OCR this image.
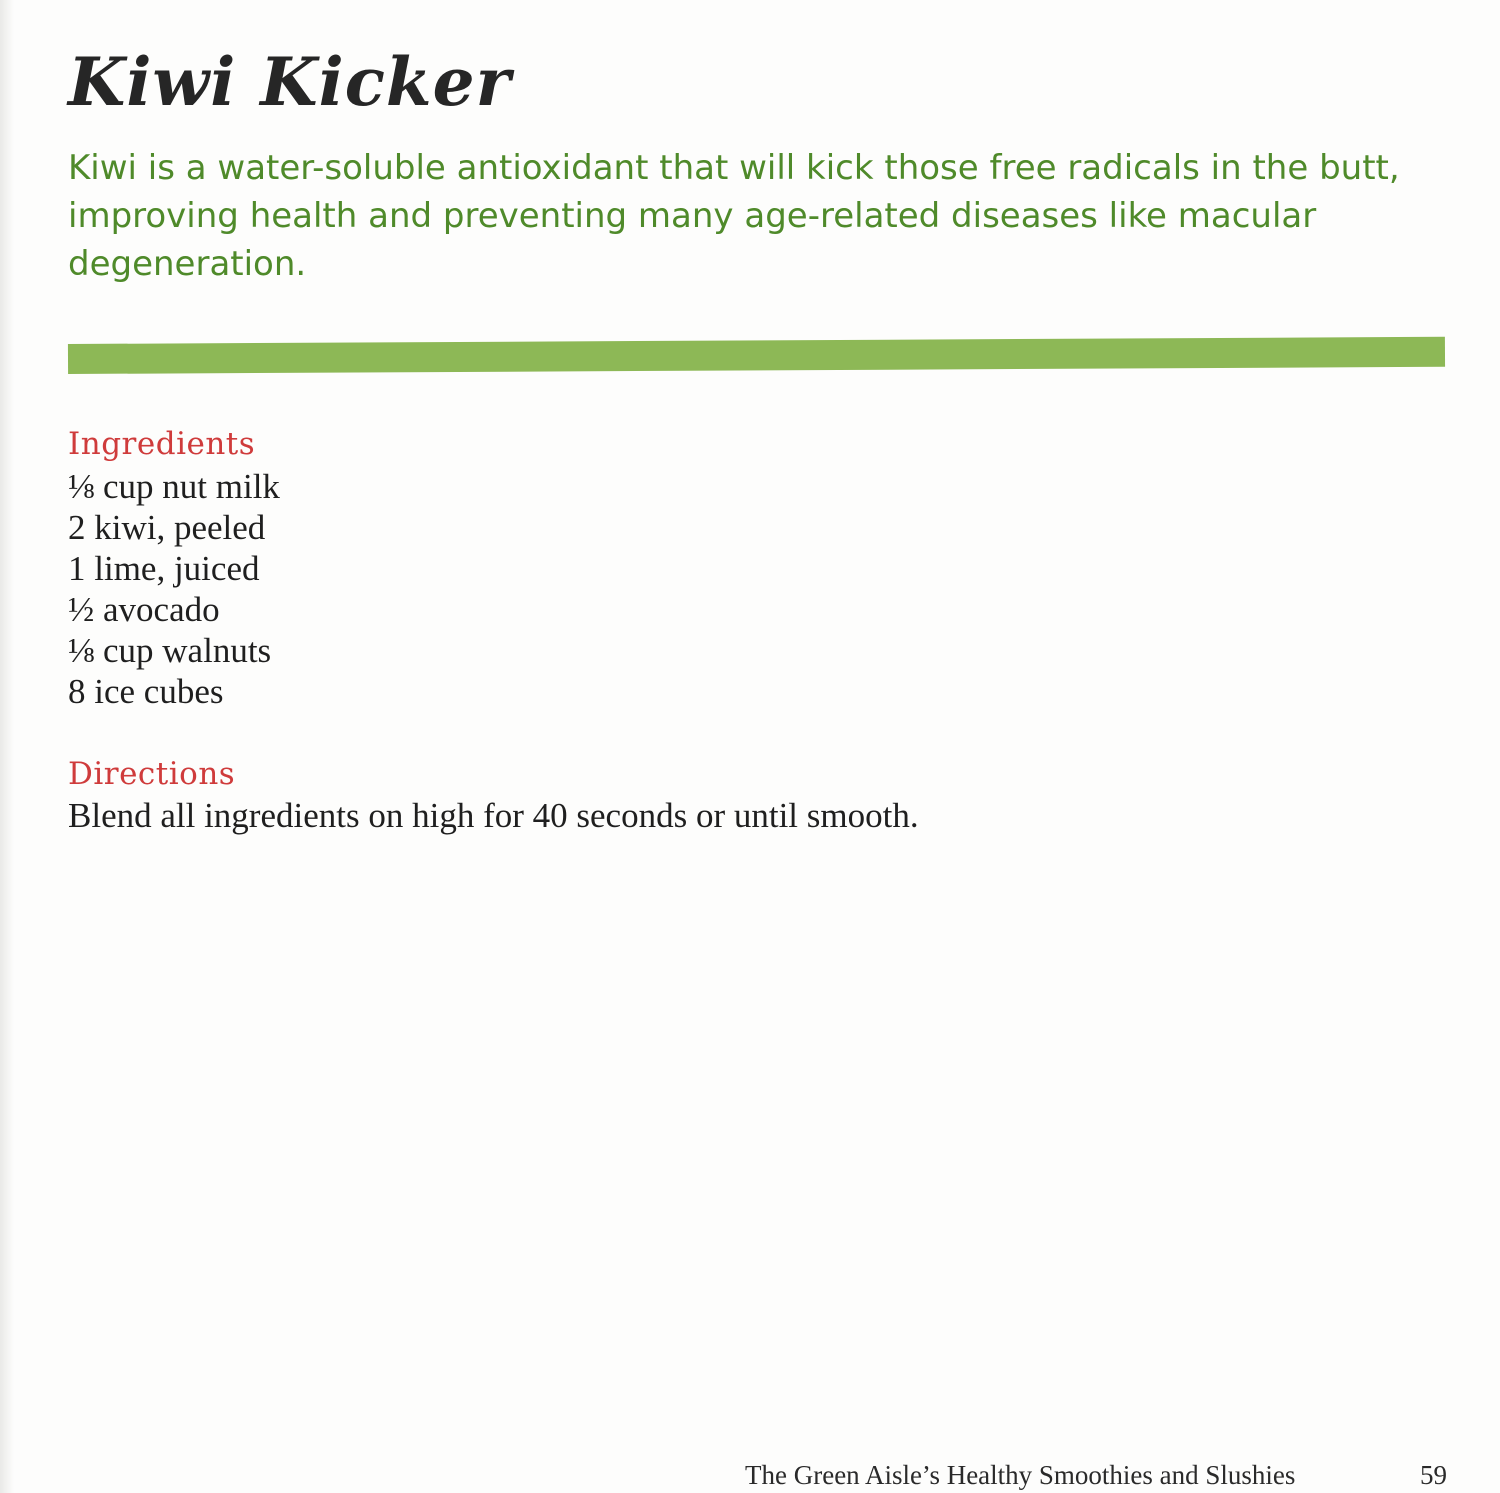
Kiwi Kicker

Kiwi is a water-soluble antioxidant that will kick those free radicals in the butt, improving health and preventing many age-related diseases like macular degeneration.

Ingredients
⅛ cup nut milk
2 kiwi, peeled
1 lime, juiced
½ avocado
⅛ cup walnuts
8 ice cubes
Directions

Blend all ingredients on high for 40 seconds or until smooth.

The Green Aisle’s Healthy Smoothies and Slushies	59
